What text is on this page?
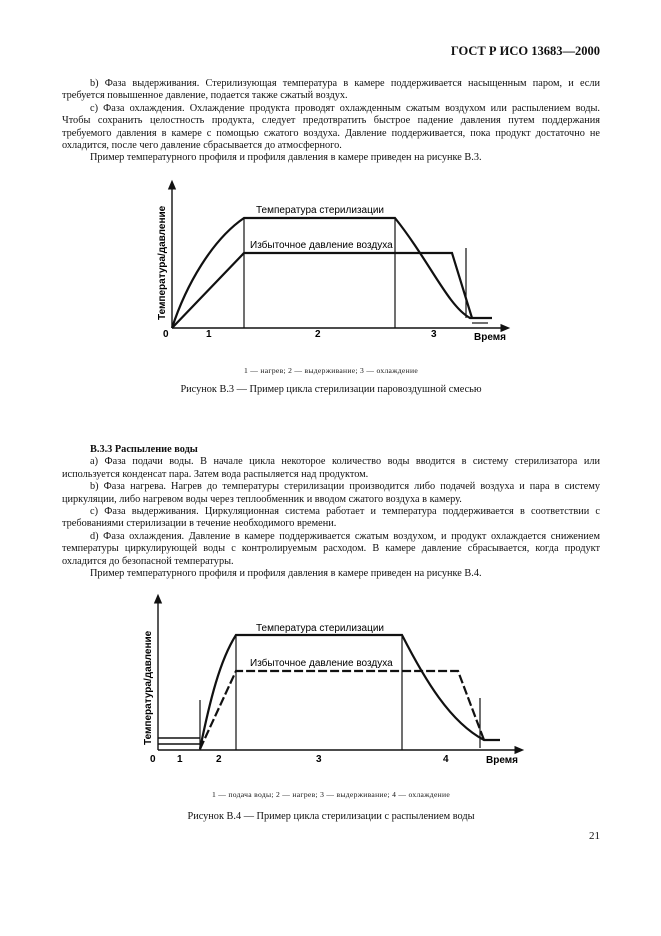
ГОСТ Р ИСО 13683—2000

b) Фаза выдерживания. Стерилизующая температура в камере поддерживается насыщенным паром, и если требуется повышенное давление, подается также сжатый воздух.

c) Фаза охлаждения. Охлаждение продукта проводят охлажденным сжатым воздухом или распылением воды. Чтобы сохранить целостность продукта, следует предотвратить быстрое падение давления путем поддержания требуемого давления в камере с помощью сжатого воздуха. Давление поддерживается, пока продукт достаточно не охладится, после чего давление сбрасывается до атмосферного.

Пример температурного профиля и профиля давления в камере приведен на рисунке В.3.

Температура стерилизации
Избыточное давление воздуха
Температура/давление
0	1	2	3	Время
1 — нагрев; 2 — выдерживание; 3 — охлаждение
Рисунок В.3 — Пример цикла стерилизации паровоздушной смесью

В.3.3 Распыление воды

a) Фаза подачи воды. В начале цикла некоторое количество воды вводится в систему стерилизатора или используется конденсат пара. Затем вода распыляется над продуктом.

b) Фаза нагрева. Нагрев до температуры стерилизации производится либо подачей воздуха и пара в систему циркуляции, либо нагревом воды через теплообменник и вводом сжатого воздуха в камеру.

c) Фаза выдерживания. Циркуляционная система работает и температура поддерживается в соответствии с требованиями стерилизации в течение необходимого времени.

d) Фаза охлаждения. Давление в камере поддерживается сжатым воздухом, и продукт охлаждается снижением температуры циркулирующей воды с контролируемым расходом. В камере давление сбрасывается, когда продукт охладится до безопасной температуры.

Пример температурного профиля и профиля давления в камере приведен на рисунке В.4.

Температура стерилизации
Избыточное давление воздуха
Температура/давление
0 1	2	3	4	Время
1 — подача воды; 2 — нагрев; 3 — выдерживание; 4 — охлаждение
Рисунок В.4 — Пример цикла стерилизации с распылением воды
21
